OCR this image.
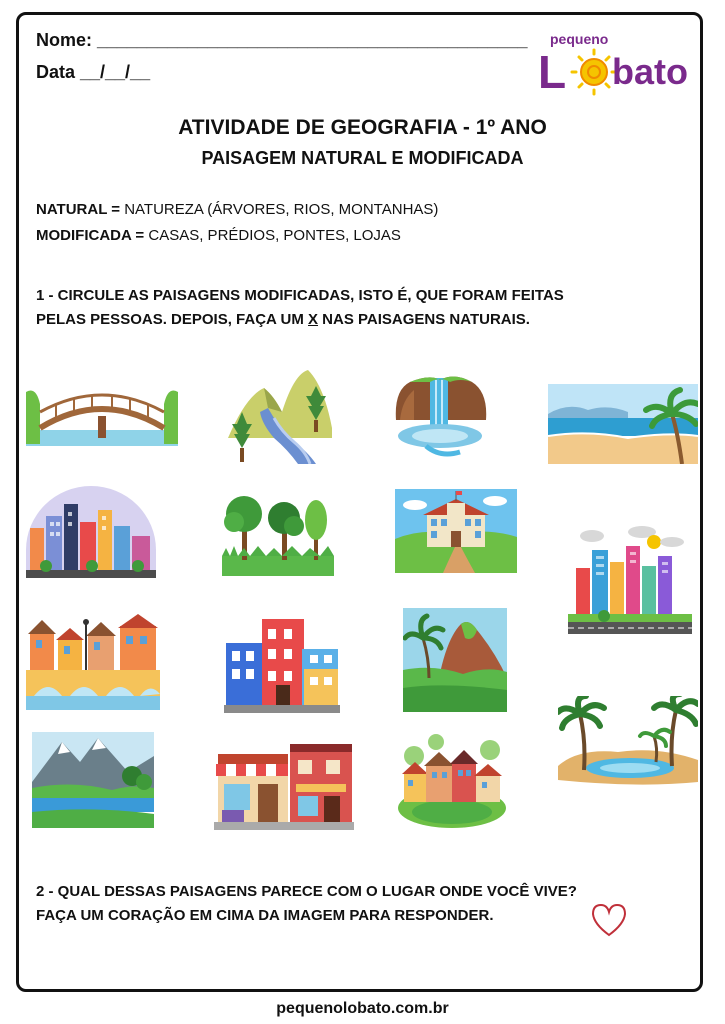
Nome: ___________________________________________
Data __/__/__
pequeno
L bato
ATIVIDADE DE GEOGRAFIA - 1º ANO
PAISAGEM NATURAL E MODIFICADA
NATURAL = NATUREZA (ÁRVORES, RIOS, MONTANHAS)
MODIFICADA = CASAS, PRÉDIOS, PONTES, LOJAS
1 - CIRCULE AS PAISAGENS MODIFICADAS, ISTO É, QUE FORAM FEITAS
PELAS PESSOAS. DEPOIS, FAÇA UM X NAS PAISAGENS NATURAIS.
2 - QUAL DESSAS PAISAGENS PARECE COM O LUGAR ONDE VOCÊ VIVE?
FAÇA UM CORAÇÃO EM CIMA DA IMAGEM PARA RESPONDER.
pequenolobato.com.br
